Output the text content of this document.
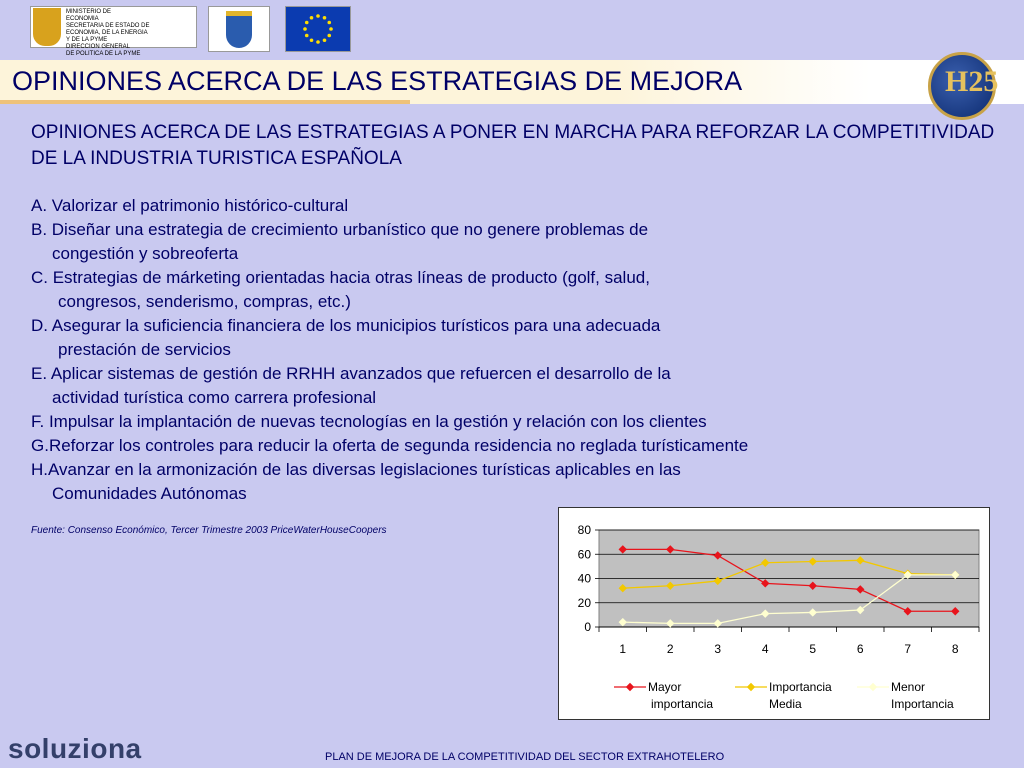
MINISTERIO DE
ECONOMIA
SECRETARIA DE ESTADO DE
ECONOMIA, DE LA ENERGIA
Y DE LA PYME
DIRECCION GENERAL
DE POLITICA DE LA PYME
OPINIONES ACERCA DE LAS ESTRATEGIAS DE MEJORA	H25
OPINIONES ACERCA DE LAS ESTRATEGIAS A PONER EN MARCHA PARA REFORZAR LA COMPETITIVIDAD DE LA INDUSTRIA TURISTICA ESPAÑOLA
A. Valorizar el patrimonio histórico-cultural
B. Diseñar una estrategia de crecimiento urbanístico que no genere problemas de
congestión y sobreoferta
C. Estrategias de márketing orientadas hacia otras líneas de producto (golf, salud,
congresos, senderismo, compras, etc.)
D. Asegurar la suficiencia financiera de los municipios turísticos para una adecuada
prestación de servicios
E. Aplicar sistemas de gestión de RRHH avanzados que refuercen el desarrollo de la
actividad turística como carrera profesional
F. Impulsar la implantación de nuevas tecnologías en la gestión y relación con los clientes
G.Reforzar los controles para reducir la oferta de segunda residencia no reglada turísticamente
H.Avanzar en la armonización de las diversas legislaciones turísticas aplicables en las
Comunidades Autónomas
Fuente: Consenso Económico, Tercer Trimestre 2003 PriceWaterHouseCoopers
0
20
40
60
80
1	2	3	4	5	6	7	8
Mayor
importancia
Importancia
Media
Menor
Importancia
soluziona	PLAN DE MEJORA DE LA COMPETITIVIDAD DEL SECTOR EXTRAHOTELERO
